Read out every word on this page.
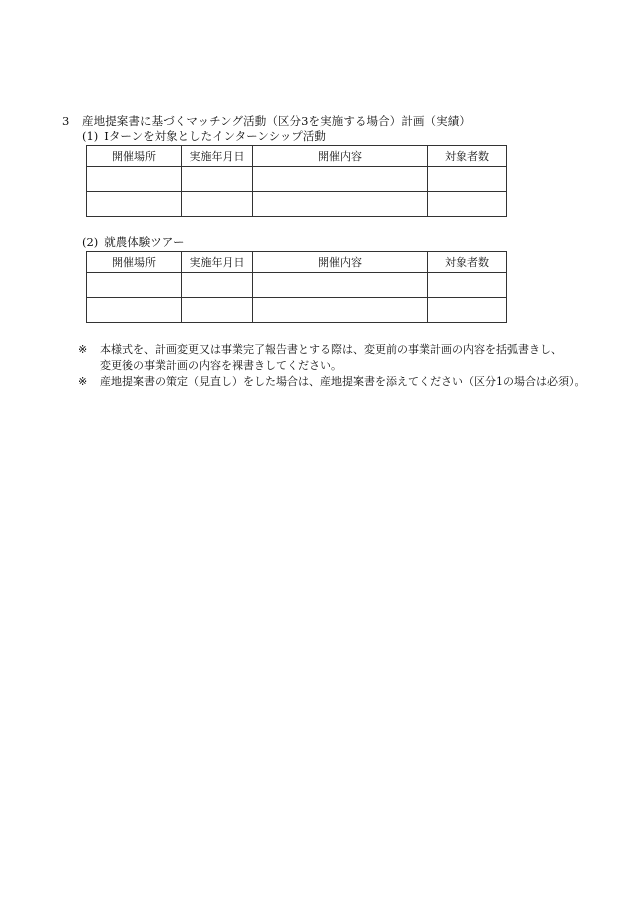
3 産地提案書に基づくマッチング活動（区分3を実施する場合）計画（実績）
(1) Iターンを対象としたインターンシップ活動
開催場所	実施年月日	開催内容	対象者数

(2) 就農体験ツアー
開催場所	実施年月日	開催内容	対象者数

※ 本様式を、計画変更又は事業完了報告書とする際は、変更前の事業計画の内容を括弧書きし、
変更後の事業計画の内容を裸書きしてください。
※ 産地提案書の策定（見直し）をした場合は、産地提案書を添えてください（区分1の場合は必須）。
